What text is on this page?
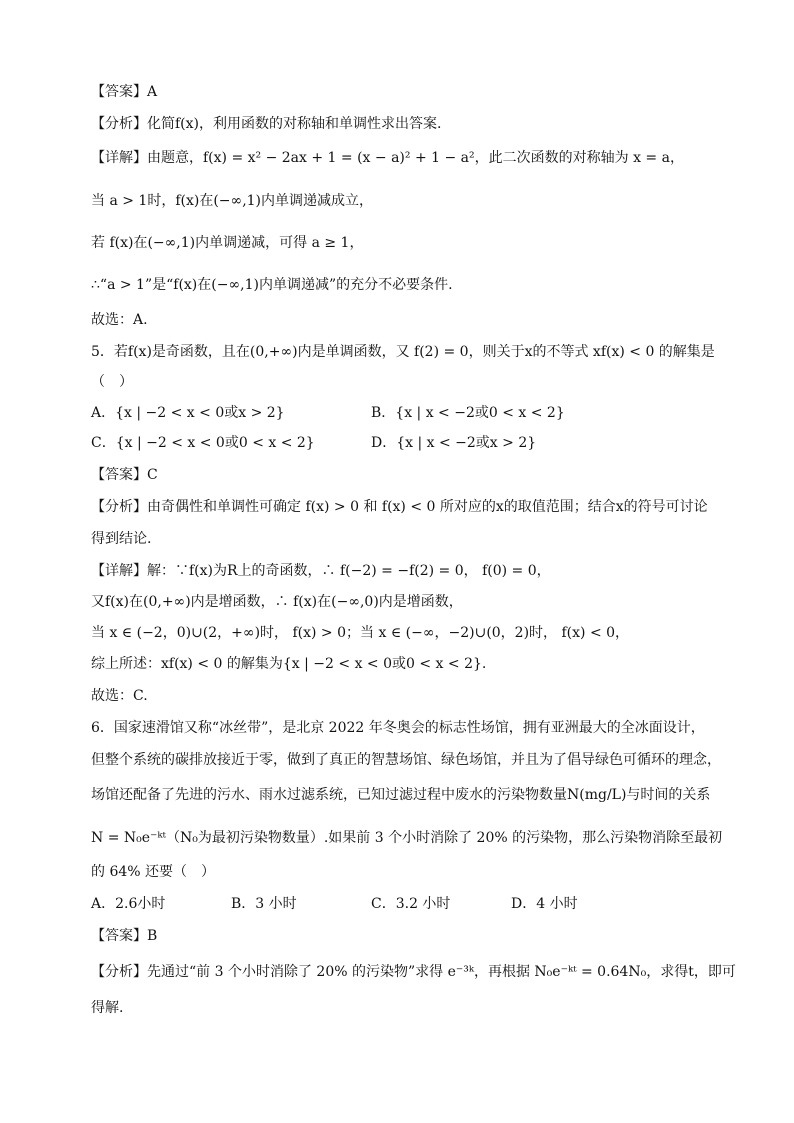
【答案】A
【分析】化简f(x)，利用函数的对称轴和单调性求出答案.
【详解】由题意，f(x) = x² − 2ax + 1 = (x − a)² + 1 − a²，此二次函数的对称轴为 x = a，
当 a > 1时，f(x)在(−∞,1)内单调递减成立，
若 f(x)在(−∞,1)内单调递减，可得 a ≥ 1，
∴“a > 1”是“f(x)在(−∞,1)内单调递减”的充分不必要条件.
故选：A.
5．若f(x)是奇函数，且在(0,+∞)内是单调函数，又 f(2) = 0，则关于x的不等式 xf(x) < 0 的解集是
（　）
A．{x | −2 < x < 0或x > 2}	B．{x | x < −2或0 < x < 2}
C．{x | −2 < x < 0或0 < x < 2}	D．{x | x < −2或x > 2}
【答案】C
【分析】由奇偶性和单调性可确定 f(x) > 0 和 f(x) < 0 所对应的x的取值范围；结合x的符号可讨论
得到结论.
【详解】解：∵f(x)为R上的奇函数，∴ f(−2) = −f(2) = 0， f(0) = 0，
又f(x)在(0,+∞)内是增函数，∴ f(x)在(−∞,0)内是增函数，
当 x ∈ (−2，0)∪(2，+∞)时， f(x) > 0；当 x ∈ (−∞，−2)∪(0，2)时， f(x) < 0，
综上所述：xf(x) < 0 的解集为{x | −2 < x < 0或0 < x < 2}.
故选：C.
6．国家速滑馆又称“冰丝带”，是北京 2022 年冬奥会的标志性场馆，拥有亚洲最大的全冰面设计，
但整个系统的碳排放接近于零，做到了真正的智慧场馆、绿色场馆，并且为了倡导绿色可循环的理念，
场馆还配备了先进的污水、雨水过滤系统，已知过滤过程中废水的污染物数量N(mg/L)与时间的关系
N = N₀e⁻ᵏᵗ（N₀为最初污染物数量）.如果前 3 个小时消除了 20% 的污染物，那么污染物消除至最初
的 64% 还要（　）
A．2.6小时	B．3 小时	C．3.2 小时	D．4 小时
【答案】B
【分析】先通过“前 3 个小时消除了 20% 的污染物”求得 e⁻³ᵏ，再根据 N₀e⁻ᵏᵗ = 0.64N₀，求得t，即可
得解.
